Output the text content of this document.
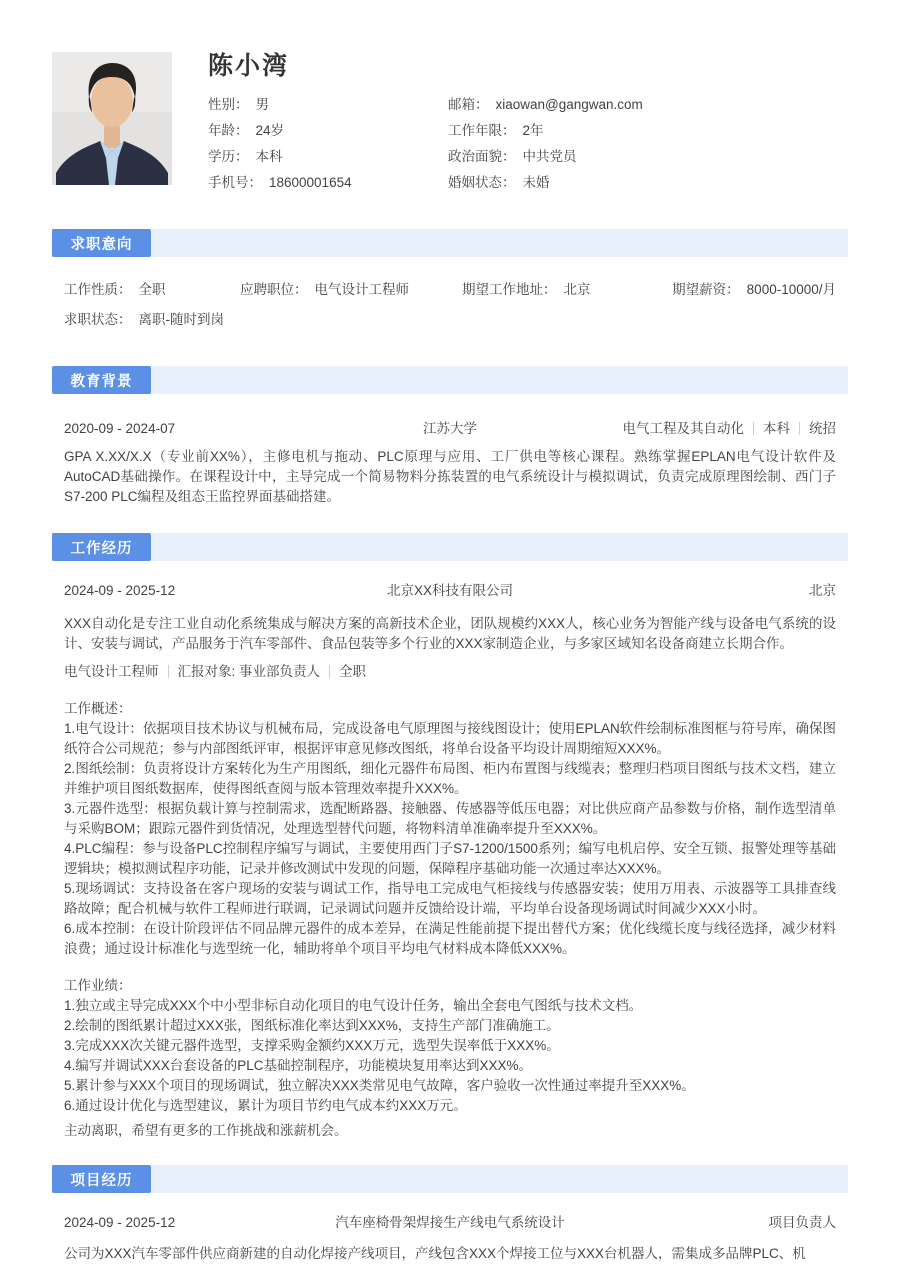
陈小湾
性别： 男
年龄： 24岁
学历： 本科
手机号： 18600001654
邮箱： xiaowan@gangwan.com
工作年限： 2年
政治面貌： 中共党员
婚姻状态： 未婚
求职意向
工作性质： 全职	应聘职位： 电气设计工程师	期望工作地址： 北京	期望薪资： 8000-10000/月
求职状态： 离职-随时到岗
教育背景
2020-09 - 2024-07	江苏大学	电气工程及其自动化 本科 统招

GPA X.XX/X.X（专业前XX%），主修电机与拖动、PLC原理与应用、工厂供电等核心课程。熟练掌握EPLAN电气设计软件及AutoCAD基础操作。在课程设计中，主导完成一个简易物料分拣装置的电气系统设计与模拟调试，负责完成原理图绘制、西门子S7-200 PLC编程及组态王监控界面基础搭建。

工作经历
2024-09 - 2025-12	北京XX科技有限公司	北京

XXX自动化是专注工业自动化系统集成与解决方案的高新技术企业，团队规模约XXX人，核心业务为智能产线与设备电气系统的设计、安装与调试，产品服务于汽车零部件、食品包装等多个行业的XXX家制造企业，与多家区域知名设备商建立长期合作。

电气设计工程师 汇报对象: 事业部负责人 全职

工作概述：

1.电气设计：依据项目技术协议与机械布局，完成设备电气原理图与接线图设计；使用EPLAN软件绘制标准图框与符号库，确保图纸符合公司规范；参与内部图纸评审，根据评审意见修改图纸，将单台设备平均设计周期缩短XXX%。

2.图纸绘制：负责将设计方案转化为生产用图纸，细化元器件布局图、柜内布置图与线缆表；整理归档项目图纸与技术文档，建立并维护项目图纸数据库，使得图纸查阅与版本管理效率提升XXX%。

3.元器件选型：根据负载计算与控制需求，选配断路器、接触器、传感器等低压电器；对比供应商产品参数与价格，制作选型清单与采购BOM；跟踪元器件到货情况，处理选型替代问题，将物料清单准确率提升至XXX%。

4.PLC编程：参与设备PLC控制程序编写与调试，主要使用西门子S7-1200/1500系列；编写电机启停、安全互锁、报警处理等基础逻辑块；模拟测试程序功能，记录并修改测试中发现的问题，保障程序基础功能一次通过率达XXX%。

5.现场调试：支持设备在客户现场的安装与调试工作，指导电工完成电气柜接线与传感器安装；使用万用表、示波器等工具排查线路故障；配合机械与软件工程师进行联调，记录调试问题并反馈给设计端，平均单台设备现场调试时间减少XXX小时。

6.成本控制：在设计阶段评估不同品牌元器件的成本差异，在满足性能前提下提出替代方案；优化线缆长度与线径选择，减少材料浪费；通过设计标准化与选型统一化，辅助将单个项目平均电气材料成本降低XXX%。

工作业绩：

1.独立或主导完成XXX个中小型非标自动化项目的电气设计任务，输出全套电气图纸与技术文档。

2.绘制的图纸累计超过XXX张，图纸标准化率达到XXX%，支持生产部门准确施工。

3.完成XXX次关键元器件选型，支撑采购金额约XXX万元，选型失误率低于XXX%。

4.编写并调试XXX台套设备的PLC基础控制程序，功能模块复用率达到XXX%。

5.累计参与XXX个项目的现场调试，独立解决XXX类常见电气故障，客户验收一次性通过率提升至XXX%。

6.通过设计优化与选型建议，累计为项目节约电气成本约XXX万元。

主动离职，希望有更多的工作挑战和涨薪机会。

项目经历
2024-09 - 2025-12	汽车座椅骨架焊接生产线电气系统设计	项目负责人

公司为XXX汽车零部件供应商新建的自动化焊接产线项目，产线包含XXX个焊接工位与XXX台机器人，需集成多品牌PLC、机
